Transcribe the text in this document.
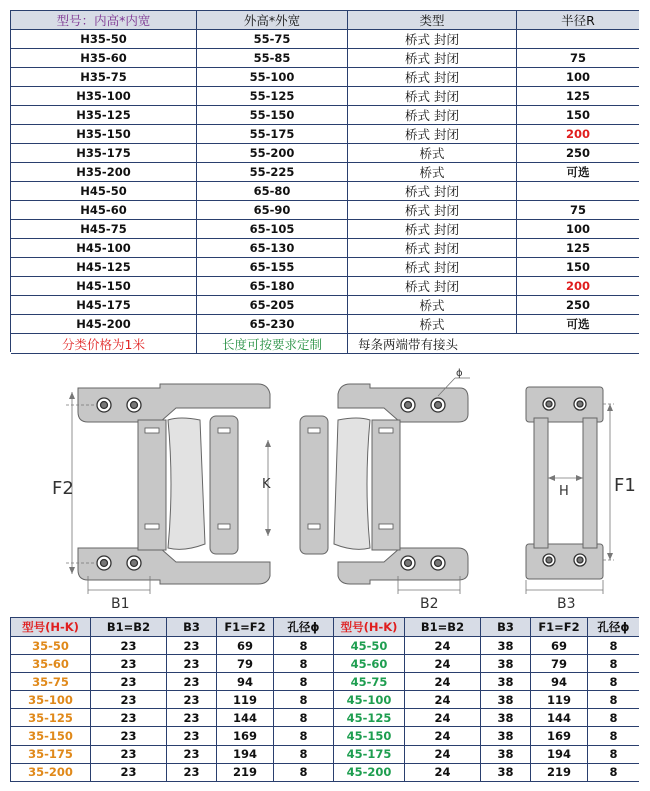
型号：内高*内宽	外高*外宽	类型	半径R
H35-50	55-75	桥式 封闭	
H35-60	55-85	桥式 封闭	75
H35-75	55-100	桥式 封闭	100
H35-100	55-125	桥式 封闭	125
H35-125	55-150	桥式 封闭	150
H35-150	55-175	桥式 封闭	200
H35-175	55-200	桥式	250
H35-200	55-225	桥式	可选
H45-50	65-80	桥式 封闭	
H45-60	65-90	桥式 封闭	75
H45-75	65-105	桥式 封闭	100
H45-100	65-130	桥式 封闭	125
H45-125	65-155	桥式 封闭	150
H45-150	65-180	桥式 封闭	200
H45-175	65-205	桥式	250
H45-200	65-230	桥式	可选
分类价格为1米	长度可按要求定制	每条两端带有接头	
F2	K
B1	B2
ϕ
H	F1
B3
型号(H-K)	B1=B2	B3	F1=F2	孔径ϕ	型号(H-K)	B1=B2	B3	F1=F2	孔径ϕ
35-50	23	23	69	8	45-50	24	38	69	8
35-60	23	23	79	8	45-60	24	38	79	8
35-75	23	23	94	8	45-75	24	38	94	8
35-100	23	23	119	8	45-100	24	38	119	8
35-125	23	23	144	8	45-125	24	38	144	8
35-150	23	23	169	8	45-150	24	38	169	8
35-175	23	23	194	8	45-175	24	38	194	8
35-200	23	23	219	8	45-200	24	38	219	8
